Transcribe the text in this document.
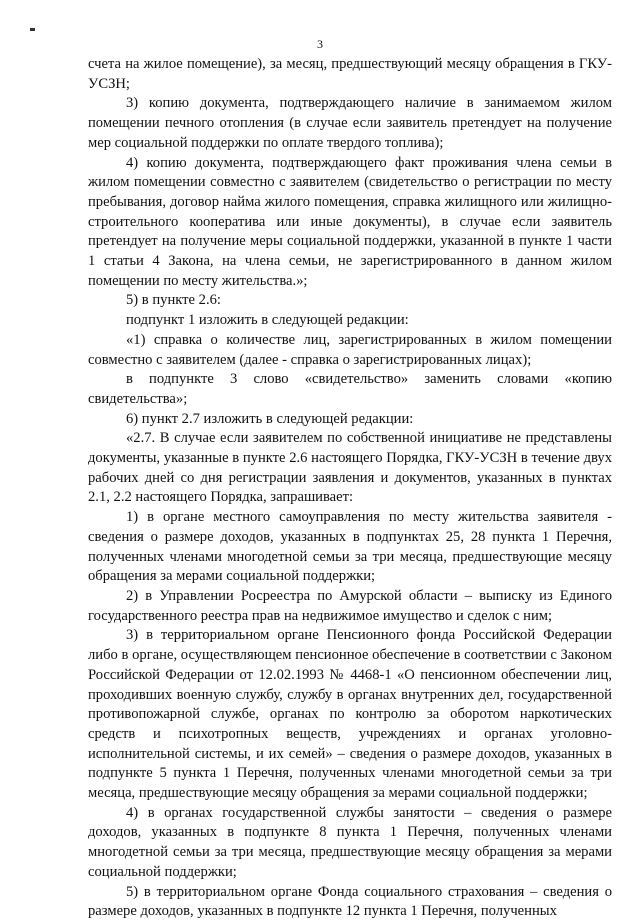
3

счета на жилое помещение), за месяц, предшествующий месяцу обращения в ГКУ-УСЗН;

3) копию документа, подтверждающего наличие в занимаемом жилом помещении печного отопления (в случае если заявитель претендует на получение мер социальной поддержки по оплате твердого топлива);

4) копию документа, подтверждающего факт проживания члена семьи в жилом помещении совместно с заявителем (свидетельство о регистрации по месту пребывания, договор найма жилого помещения, справка жилищного или жилищно-строительного кооператива или иные документы), в случае если заявитель претендует на получение меры социальной поддержки, указанной в пункте 1 части 1 статьи 4 Закона, на члена семьи, не зарегистрированного в данном жилом помещении по месту жительства.»;

5) в пункте 2.6:

подпункт 1 изложить в следующей редакции:

«1) справка о количестве лиц, зарегистрированных в жилом помещении совместно с заявителем (далее - справка о зарегистрированных лицах);

в подпункте 3 слово «свидетельство» заменить словами «копию свидетельства»;

6) пункт 2.7 изложить в следующей редакции:

«2.7. В случае если заявителем по собственной инициативе не представлены документы, указанные в пункте 2.6 настоящего Порядка, ГКУ-УСЗН в течение двух рабочих дней со дня регистрации заявления и документов, указанных в пунктах 2.1, 2.2 настоящего Порядка, запрашивает:

1) в органе местного самоуправления по месту жительства заявителя - сведения о размере доходов, указанных в подпунктах 25, 28 пункта 1 Перечня, полученных членами многодетной семьи за три месяца, предшествующие месяцу обращения за мерами социальной поддержки;

2) в Управлении Росреестра по Амурской области – выписку из Единого государственного реестра прав на недвижимое имущество и сделок с ним;

3) в территориальном органе Пенсионного фонда Российской Федерации либо в органе, осуществляющем пенсионное обеспечение в соответствии с Законом Российской Федерации от 12.02.1993 № 4468-1 «О пенсионном обеспечении лиц, проходивших военную службу, службу в органах внутренних дел, государственной противопожарной службе, органах по контролю за оборотом наркотических средств и психотропных веществ, учреждениях и органах уголовно-исполнительной системы, и их семей» – сведения о размере доходов, указанных в подпункте 5 пункта 1 Перечня, полученных членами многодетной семьи за три месяца, предшествующие месяцу обращения за мерами социальной поддержки;

4) в органах государственной службы занятости – сведения о размере доходов, указанных в подпункте 8 пункта 1 Перечня, полученных членами многодетной семьи за три месяца, предшествующие месяцу обращения за мерами социальной поддержки;

5) в территориальном органе Фонда социального страхования – сведения о размере доходов, указанных в подпункте 12 пункта 1 Перечня, полученных
